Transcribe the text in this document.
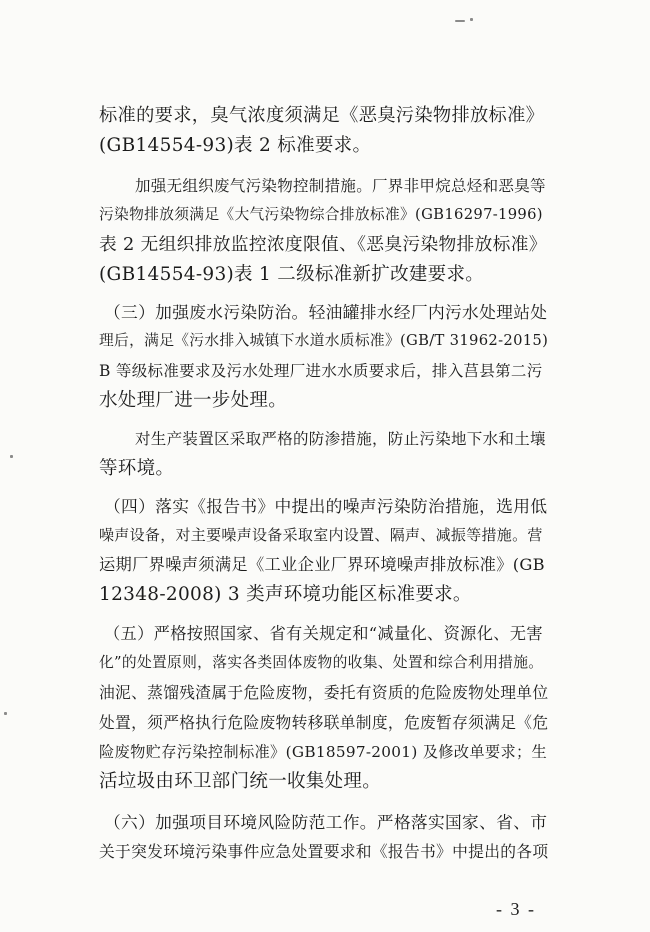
标准的要求，臭气浓度须满足《恶臭污染物排放标准》
(GB14554-93)表 2 标准要求。
加强无组织废气污染物控制措施。厂界非甲烷总烃和恶臭等
污染物排放须满足《大气污染物综合排放标准》(GB16297-1996)
表 2 无组织排放监控浓度限值、《恶臭污染物排放标准》
(GB14554-93)表 1 二级标准新扩改建要求。
（三）加强废水污染防治。轻油罐排水经厂内污水处理站处
理后，满足《污水排入城镇下水道水质标准》(GB/T 31962-2015)
B 等级标准要求及污水处理厂进水水质要求后，排入莒县第二污
水处理厂进一步处理。
对生产装置区采取严格的防渗措施，防止污染地下水和土壤
等环境。
（四）落实《报告书》中提出的噪声污染防治措施，选用低
噪声设备，对主要噪声设备采取室内设置、隔声、减振等措施。营
运期厂界噪声须满足《工业企业厂界环境噪声排放标准》(GB
12348-2008) 3 类声环境功能区标准要求。
（五）严格按照国家、省有关规定和“减量化、资源化、无害
化”的处置原则，落实各类固体废物的收集、处置和综合利用措施。
油泥、蒸馏残渣属于危险废物，委托有资质的危险废物处理单位
处置，须严格执行危险废物转移联单制度，危废暂存须满足《危
险废物贮存污染控制标准》(GB18597-2001) 及修改单要求；生
活垃圾由环卫部门统一收集处理。
（六）加强项目环境风险防范工作。严格落实国家、省、市
关于突发环境污染事件应急处置要求和《报告书》中提出的各项
- 3 -
